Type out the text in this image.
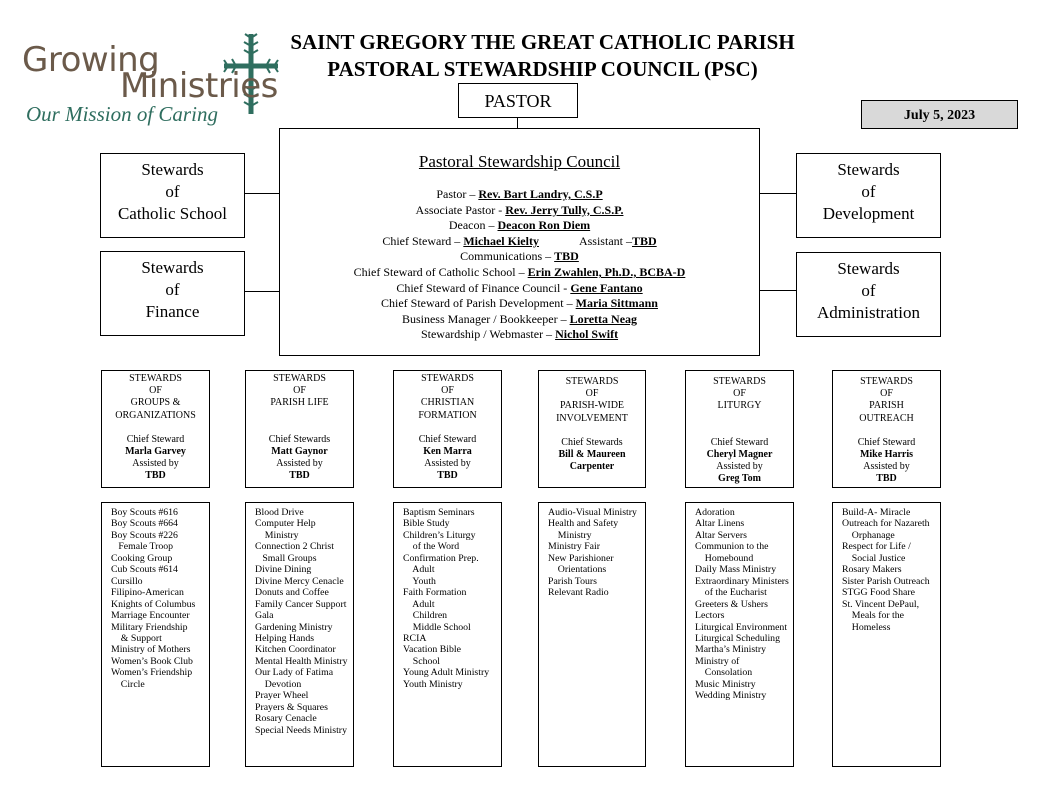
Growing
Ministries
Our Mission of Caring
SAINT GREGORY THE GREAT CATHOLIC PARISH
PASTORAL STEWARDSHIP COUNCIL (PSC)
July 5, 2023
PASTOR
Pastoral Stewardship Council
Pastor – Rev. Bart Landry, C.S.P
Associate Pastor - Rev. Jerry Tully, C.S.P.
Deacon – Deacon Ron Diem
Chief Steward – Michael Kielty	Assistant –TBD
Communications – TBD
Chief Steward of Catholic School – Erin Zwahlen, Ph.D., BCBA-D
Chief Steward of Finance Council - Gene Fantano
Chief Steward of Parish Development – Maria Sittmann
Business Manager / Bookkeeper – Loretta Neag
Stewardship / Webmaster – Nichol Swift
Stewards
of
Catholic School
Stewards
of
Finance
Stewards
of
Development
Stewards
of
Administration
STEWARDS
OF
GROUPS &
ORGANIZATIONS
Chief Steward
Marla Garvey
Assisted by
TBD
STEWARDS
OF
PARISH LIFE
Chief Stewards
Matt Gaynor
Assisted by
TBD
STEWARDS
OF
CHRISTIAN
FORMATION
Chief Steward
Ken Marra
Assisted by
TBD
STEWARDS
OF
PARISH-WIDE
INVOLVEMENT
Chief Stewards
Bill & Maureen
Carpenter
STEWARDS
OF
LITURGY
Chief Steward
Cheryl Magner
Assisted by
Greg Tom
STEWARDS
OF
PARISH
OUTREACH
Chief Steward
Mike Harris
Assisted by
TBD
Boy Scouts #616
Boy Scouts #664
Boy Scouts #226
Female Troop
Cooking Group
Cub Scouts #614
Cursillo
Filipino-American
Knights of Columbus
Marriage Encounter
Military Friendship
& Support
Ministry of Mothers
Women’s Book Club
Women’s Friendship
Circle
Blood Drive
Computer Help
Ministry
Connection 2 Christ
Small Groups
Divine Dining
Divine Mercy Cenacle
Donuts and Coffee
Family Cancer Support
Gala
Gardening Ministry
Helping Hands
Kitchen Coordinator
Mental Health Ministry
Our Lady of Fatima
Devotion
Prayer Wheel
Prayers & Squares
Rosary Cenacle
Special Needs Ministry
Baptism Seminars
Bible Study
Children’s Liturgy
of the Word
Confirmation Prep.
Adult
Youth
Faith Formation
Adult
Children
Middle School
RCIA
Vacation Bible
School
Young Adult Ministry
Youth Ministry
Audio-Visual Ministry
Health and Safety
Ministry
Ministry Fair
New Parishioner
Orientations
Parish Tours
Relevant Radio
Adoration
Altar Linens
Altar Servers
Communion to the
Homebound
Daily Mass Ministry
Extraordinary Ministers
of the Eucharist
Greeters & Ushers
Lectors
Liturgical Environment
Liturgical Scheduling
Martha’s Ministry
Ministry of
Consolation
Music Ministry
Wedding Ministry
Build-A- Miracle
Outreach for Nazareth
Orphanage
Respect for Life /
Social Justice
Rosary Makers
Sister Parish Outreach
STGG Food Share
St. Vincent DePaul,
Meals for the
Homeless
